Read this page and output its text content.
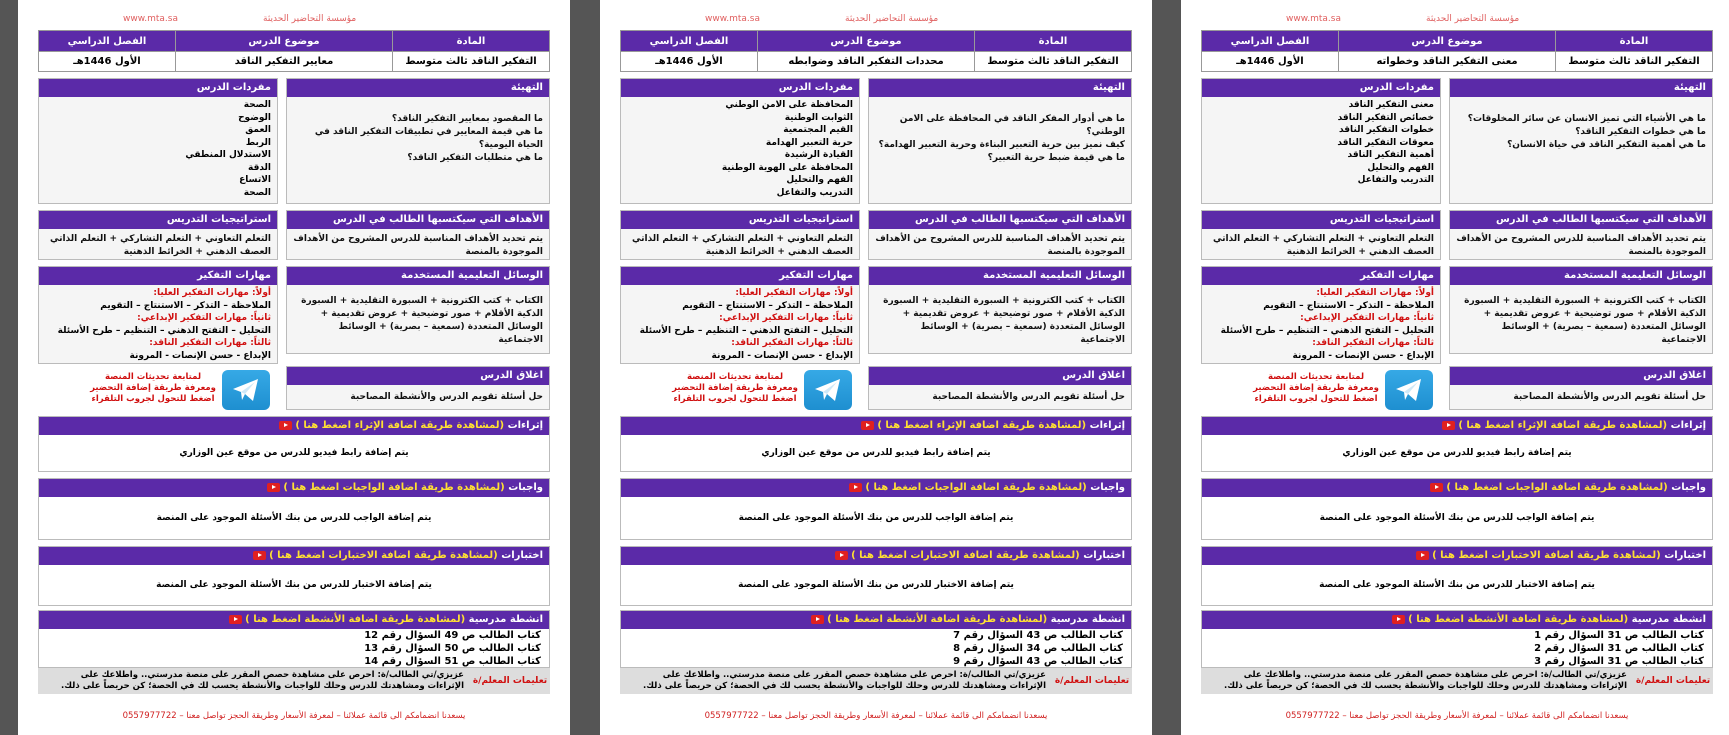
مؤسسة التحاضير الحديثة
www.mta.sa
المادة
موضوع الدرس
الفصل الدراسي
التفكير الناقد ثالث متوسط
معنى التفكير الناقد وخطواته
الأول 1446هـ
التهيئة
ما هي الأشياء التي تميز الانسان عن سائر المخلوقات؟
ما هي خطوات التفكير الناقد؟
ما هي أهمية التفكير الناقد في حياة الانسان؟
مفردات الدرس
معنى التفكير الناقد
خصائص التفكير الناقد
خطوات التفكير الناقد
معوقات التفكير الناقد
أهمية التفكير الناقد
الفهم والتحليل
التدريب والتفاعل
الأهداف التي سيكتسبها الطالب في الدرس
يتم تحديد الأهداف المناسبة للدرس المشروح من الأهداف الموجودة بالمنصة
استراتيجيات التدريس
التعلم التعاوني + التعلم التشاركي + التعلم الذاتي العصف الذهني + الخرائط الذهنية
الوسائل التعليمية المستخدمة
الكتاب + كتب الكترونية + السبورة التقليدية + السبورة الذكية الأقلام + صور توضيحية + عروض تقديمية + الوسائل المتعددة (سمعية – بصرية) + الوسائط الاجتماعية
مهارات التفكير
أولاً: مهارات التفكير العليا:
الملاحظة – التذكر – الاستنتاج – التقويم
ثانياً: مهارات التفكير الإبداعي:
التحليل – التفتح الذهني – التنظيم – طرح الأسئلة
ثالثاً: مهارات التفكير الناقد:
الإبداع - حسن الإنصات - المرونة
اغلاق الدرس
حل أسئلة تقويم الدرس والأنشطة المصاحبة
لمتابعة تحديثات المنصة
ومعرفة طريقة إضافة التحضير
اضغط للتحول لجروب التلقراء
إثراءات (لمشاهدة طريقة اضافة الإثراء اضغط هنا )
يتم إضافة رابط فيديو للدرس من موقع عين الوزاري
واجبات (لمشاهدة طريقة اضافة الواجبات اضغط هنا )
يتم إضافة الواجب للدرس من بنك الأسئلة الموجود على المنصة
اختبارات (لمشاهدة طريقة اضافة الاختبارات اضغط هنا )
يتم إضافة الاختبار للدرس من بنك الأسئلة الموجود على المنصة
انشطة مدرسية (لمشاهدة طريقة اضافة الأنشطة اضغط هنا )
كتاب الطالب ص 31 السؤال رقم 1
كتاب الطالب ص 31 السؤال رقم 2
كتاب الطالب ص 31 السؤال رقم 3
تعليمات المعلم/ة
عزيزي/تي الطالب/ة: احرص على مشاهدة حصص المقرر على منصة مدرستي.. واطلاعك على الإثراءات ومشاهدتك للدرس وحلك للواجبات والأنشطة يحسب لك في الحصة؛ كن حريصاً على ذلك.
يسعدنا انضمامكم الى قائمة عملائنا – لمعرفة الأسعار وطريقة الحجز تواصل معنا – 0557977722
مؤسسة التحاضير الحديثة
www.mta.sa
المادة
موضوع الدرس
الفصل الدراسي
التفكير الناقد ثالث متوسط
محددات التفكير الناقد وضوابطه
الأول 1446هـ
التهيئة
ما هي أدوار المفكر الناقد في المحافظة على الامن الوطني؟
كيف نميز بين حرية التعبير البناءة وحرية التعبير الهدامة؟
ما هي قيمة ضبط حرية التعبير؟
مفردات الدرس
المحافظة على الامن الوطني
الثوابت الوطنية
القيم المجتمعية
حرية التعبير الهدامة
القيادة الرشيدة
المحافظة على الهوية الوطنية
الفهم والتحليل
التدريب والتفاعل
الأهداف التي سيكتسبها الطالب في الدرس
يتم تحديد الأهداف المناسبة للدرس المشروح من الأهداف الموجودة بالمنصة
استراتيجيات التدريس
التعلم التعاوني + التعلم التشاركي + التعلم الذاتي العصف الذهني + الخرائط الذهنية
الوسائل التعليمية المستخدمة
الكتاب + كتب الكترونية + السبورة التقليدية + السبورة الذكية الأقلام + صور توضيحية + عروض تقديمية + الوسائل المتعددة (سمعية – بصرية) + الوسائط الاجتماعية
مهارات التفكير
أولاً: مهارات التفكير العليا:
الملاحظة – التذكر – الاستنتاج – التقويم
ثانياً: مهارات التفكير الإبداعي:
التحليل – التفتح الذهني – التنظيم – طرح الأسئلة
ثالثاً: مهارات التفكير الناقد:
الإبداع - حسن الإنصات - المرونة
اغلاق الدرس
حل أسئلة تقويم الدرس والأنشطة المصاحبة
لمتابعة تحديثات المنصة
ومعرفة طريقة إضافة التحضير
اضغط للتحول لجروب التلقراء
إثراءات (لمشاهدة طريقة اضافة الإثراء اضغط هنا )
يتم إضافة رابط فيديو للدرس من موقع عين الوزاري
واجبات (لمشاهدة طريقة اضافة الواجبات اضغط هنا )
يتم إضافة الواجب للدرس من بنك الأسئلة الموجود على المنصة
اختبارات (لمشاهدة طريقة اضافة الاختبارات اضغط هنا )
يتم إضافة الاختبار للدرس من بنك الأسئلة الموجود على المنصة
انشطة مدرسية (لمشاهدة طريقة اضافة الأنشطة اضغط هنا )
كتاب الطالب ص 43 السؤال رقم 7
كتاب الطالب ص 34 السؤال رقم 8
كتاب الطالب ص 43 السؤال رقم 9
تعليمات المعلم/ة
عزيزي/تي الطالب/ة: احرص على مشاهدة حصص المقرر على منصة مدرستي.. واطلاعك على الإثراءات ومشاهدتك للدرس وحلك للواجبات والأنشطة يحسب لك في الحصة؛ كن حريصاً على ذلك.
يسعدنا انضمامكم الى قائمة عملائنا – لمعرفة الأسعار وطريقة الحجز تواصل معنا – 0557977722
مؤسسة التحاضير الحديثة
www.mta.sa
المادة
موضوع الدرس
الفصل الدراسي
التفكير الناقد ثالث متوسط
معايير التفكير الناقد
الأول 1446هـ
التهيئة
ما المقصود بمعايير التفكير الناقد؟
ما هي قيمة المعايير في تطبيقات التفكير الناقد في الحياة اليومية؟
ما هي متطلبات التفكير الناقد؟
مفردات الدرس
الصحة
الوضوح
العمق
الربط
الاستدلال المنطقي
الدقة
الاتساع
الصحة
الأهداف التي سيكتسبها الطالب في الدرس
يتم تحديد الأهداف المناسبة للدرس المشروح من الأهداف الموجودة بالمنصة
استراتيجيات التدريس
التعلم التعاوني + التعلم التشاركي + التعلم الذاتي العصف الذهني + الخرائط الذهنية
الوسائل التعليمية المستخدمة
الكتاب + كتب الكترونية + السبورة التقليدية + السبورة الذكية الأقلام + صور توضيحية + عروض تقديمية + الوسائل المتعددة (سمعية – بصرية) + الوسائط الاجتماعية
مهارات التفكير
أولاً: مهارات التفكير العليا:
الملاحظة – التذكر – الاستنتاج – التقويم
ثانياً: مهارات التفكير الإبداعي:
التحليل – التفتح الذهني – التنظيم – طرح الأسئلة
ثالثاً: مهارات التفكير الناقد:
الإبداع - حسن الإنصات - المرونة
اغلاق الدرس
حل أسئلة تقويم الدرس والأنشطة المصاحبة
لمتابعة تحديثات المنصة
ومعرفة طريقة إضافة التحضير
اضغط للتحول لجروب التلقراء
إثراءات (لمشاهدة طريقة اضافة الإثراء اضغط هنا )
يتم إضافة رابط فيديو للدرس من موقع عين الوزاري
واجبات (لمشاهدة طريقة اضافة الواجبات اضغط هنا )
يتم إضافة الواجب للدرس من بنك الأسئلة الموجود على المنصة
اختبارات (لمشاهدة طريقة اضافة الاختبارات اضغط هنا )
يتم إضافة الاختبار للدرس من بنك الأسئلة الموجود على المنصة
انشطة مدرسية (لمشاهدة طريقة اضافة الأنشطة اضغط هنا )
كتاب الطالب ص 49 السؤال رقم 12
كتاب الطالب ص 50 السؤال رقم 13
كتاب الطالب ص 51 السؤال رقم 14
تعليمات المعلم/ة
عزيزي/تي الطالب/ة: احرص على مشاهدة حصص المقرر على منصة مدرستي.. واطلاعك على الإثراءات ومشاهدتك للدرس وحلك للواجبات والأنشطة يحسب لك في الحصة؛ كن حريصاً على ذلك.
يسعدنا انضمامكم الى قائمة عملائنا – لمعرفة الأسعار وطريقة الحجز تواصل معنا – 0557977722
